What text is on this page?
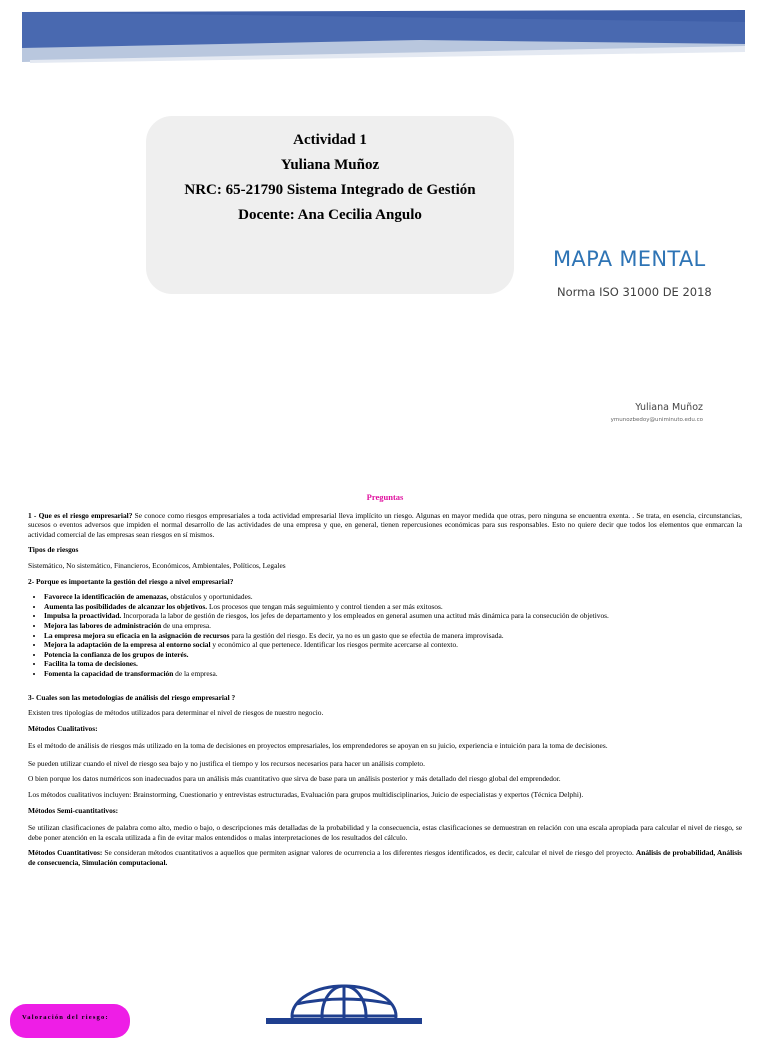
Actividad 1
Yuliana Muñoz
NRC: 65-21790 Sistema Integrado de Gestión
Docente: Ana Cecilia Angulo
MAPA MENTAL
Norma ISO 31000 DE 2018
Yuliana Muñoz
ymunozbedoy@uniminuto.edu.co
Preguntas

1 - Que es el riesgo empresarial? Se conoce como riesgos empresariales a toda actividad empresarial lleva implícito un riesgo. Algunas en mayor medida que otras, pero ninguna se encuentra exenta. . Se trata, en esencia, circunstancias, sucesos o eventos adversos que impiden el normal desarrollo de las actividades de una empresa y que, en general, tienen repercusiones económicas para sus responsables. Esto no quiere decir que todos los elementos que enmarcan la actividad comercial de las empresas sean riesgos en sí mismos.

Tipos de riesgos

Sistemático, No sistemático, Financieros, Económicos, Ambientales, Políticos, Legales

2- Porque es importante la gestión del riesgo a nivel empresarial?

• Favorece la identificación de amenazas, obstáculos y oportunidades.
• Aumenta las posibilidades de alcanzar los objetivos. Los procesos que tengan más seguimiento y control tienden a ser más exitosos.
• Impulsa la proactividad. Incorporada la labor de gestión de riesgos, los jefes de departamento y los empleados en general asumen una actitud más dinámica para la consecución de objetivos.
• Mejora las labores de administración de una empresa.
• La empresa mejora su eficacia en la asignación de recursos para la gestión del riesgo. Es decir, ya no es un gasto que se efectúa de manera improvisada.
• Mejora la adaptación de la empresa al entorno social y económico al que pertenece. Identificar los riesgos permite acercarse al contexto.
• Potencia la confianza de los grupos de interés.
• Facilita la toma de decisiones.
• Fomenta la capacidad de transformación de la empresa.

3- Cuales son las metodologías de análisis del riesgo empresarial ?

Existen tres tipologías de métodos utilizados para determinar el nivel de riesgos de nuestro negocio.

Métodos Cualitativos:

Es el método de análisis de riesgos más utilizado en la toma de decisiones en proyectos empresariales, los emprendedores se apoyan en su juicio, experiencia e intuición para la toma de decisiones.

Se pueden utilizar cuando el nivel de riesgo sea bajo y no justifica el tiempo y los recursos necesarios para hacer un análisis completo.

O bien porque los datos numéricos son inadecuados para un análisis más cuantitativo que sirva de base para un análisis posterior y más detallado del riesgo global del emprendedor.

Los métodos cualitativos incluyen: Brainstorming, Cuestionario y entrevistas estructuradas, Evaluación para grupos multidisciplinarios, Juicio de especialistas y expertos (Técnica Delphi).

Métodos Semi-cuantitativos:

Se utilizan clasificaciones de palabra como alto, medio o bajo, o descripciones más detalladas de la probabilidad y la consecuencia, estas clasificaciones se demuestran en relación con una escala apropiada para calcular el nivel de riesgo, se debe poner atención en la escala utilizada a fin de evitar malos entendidos o malas interpretaciones de los resultados del cálculo.

Métodos Cuantitativos: Se consideran métodos cuantitativos a aquellos que permiten asignar valores de ocurrencia a los diferentes riesgos identificados, es decir, calcular el nivel de riesgo del proyecto. Análisis de probabilidad, Análisis de consecuencia, Simulación computacional.

Valoración del riesgo:
